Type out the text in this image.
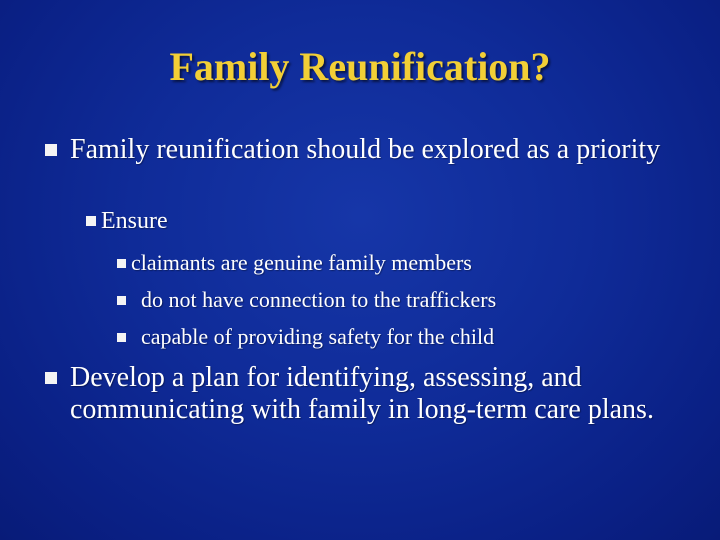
Family Reunification?
Family reunification should be explored as a priority
Ensure
claimants are genuine family members
do not have connection to the traffickers
capable of providing safety for the child
Develop a plan for identifying, assessing, and communicating with family in long-term care plans.
